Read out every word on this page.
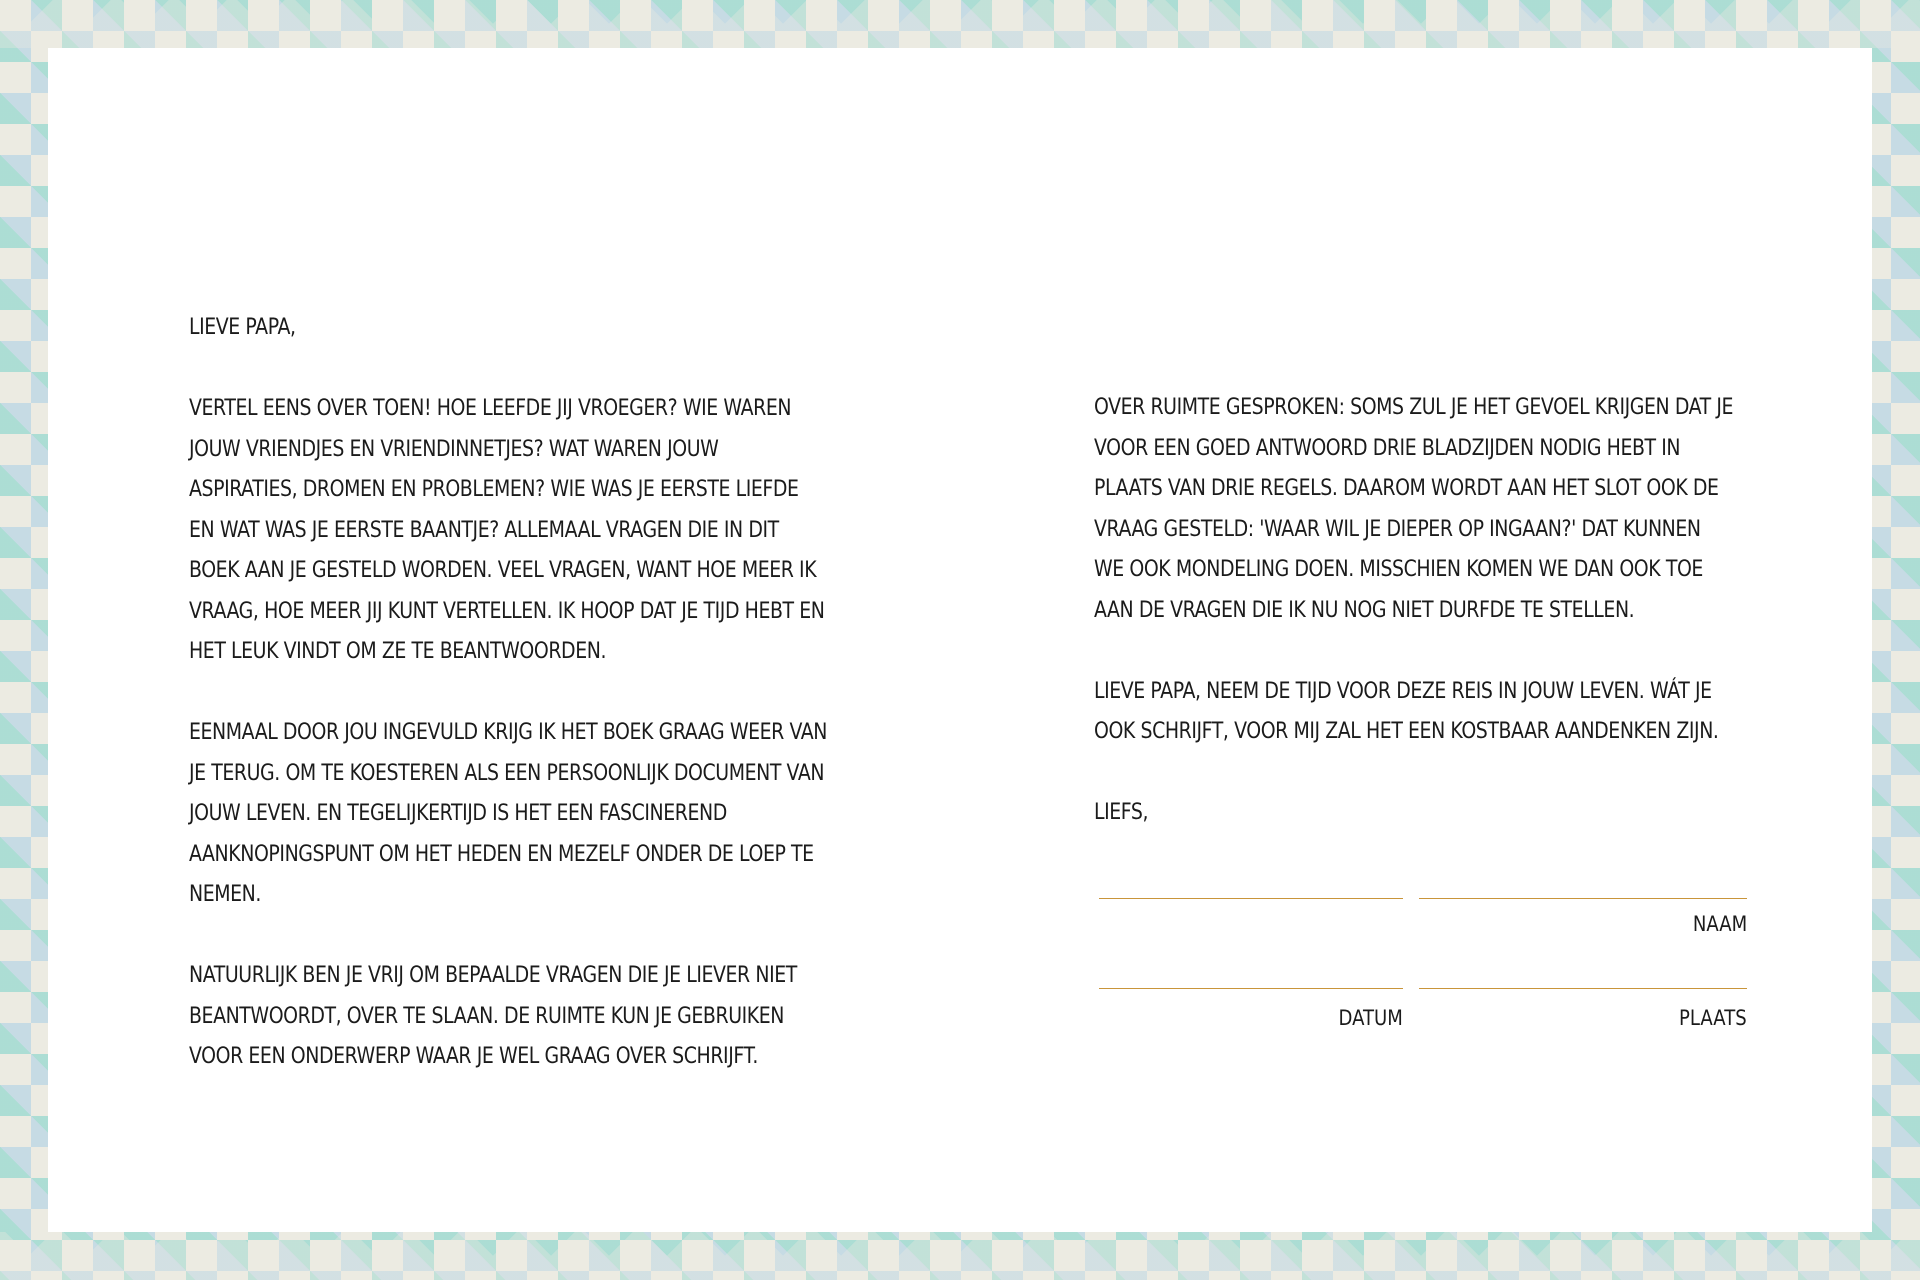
LIEVE PAPA,

VERTEL EENS OVER TOEN! HOE LEEFDE JIJ VROEGER? WIE WAREN JOUW VRIENDJES EN VRIENDINNETJES? WAT WAREN JOUW ASPIRATIES, DROMEN EN PROBLEMEN? WIE WAS JE EERSTE LIEFDE EN WAT WAS JE EERSTE BAANTJE? ALLEMAAL VRAGEN DIE IN DIT BOEK AAN JE GESTELD WORDEN. VEEL VRAGEN, WANT HOE MEER IK VRAAG, HOE MEER JIJ KUNT VERTELLEN. IK HOOP DAT JE TIJD HEBT EN HET LEUK VINDT OM ZE TE BEANTWOORDEN.

EENMAAL DOOR JOU INGEVULD KRIJG IK HET BOEK GRAAG WEER VAN JE TERUG. OM TE KOESTEREN ALS EEN PERSOONLIJK DOCUMENT VAN JOUW LEVEN. EN TEGELIJKERTIJD IS HET EEN FASCINEREND AANKNOPINGSPUNT OM HET HEDEN EN MEZELF ONDER DE LOEP TE NEMEN.

NATUURLIJK BEN JE VRIJ OM BEPAALDE VRAGEN DIE JE LIEVER NIET BEANTWOORDT, OVER TE SLAAN. DE RUIMTE KUN JE GEBRUIKEN VOOR EEN ONDERWERP WAAR JE WEL GRAAG OVER SCHRIJFT.

OVER RUIMTE GESPROKEN: SOMS ZUL JE HET GEVOEL KRIJGEN DAT JE VOOR EEN GOED ANTWOORD DRIE BLADZIJDEN NODIG HEBT IN PLAATS VAN DRIE REGELS. DAAROM WORDT AAN HET SLOT OOK DE VRAAG GESTELD: 'WAAR WIL JE DIEPER OP INGAAN?' DAT KUNNEN WE OOK MONDELING DOEN. MISSCHIEN KOMEN WE DAN OOK TOE AAN DE VRAGEN DIE IK NU NOG NIET DURFDE TE STELLEN.

LIEVE PAPA, NEEM DE TIJD VOOR DEZE REIS IN JOUW LEVEN. WÁT JE OOK SCHRIJFT, VOOR MIJ ZAL HET EEN KOSTBAAR AANDENKEN ZIJN.

LIEFS,

NAAM
DATUM	PLAATS
